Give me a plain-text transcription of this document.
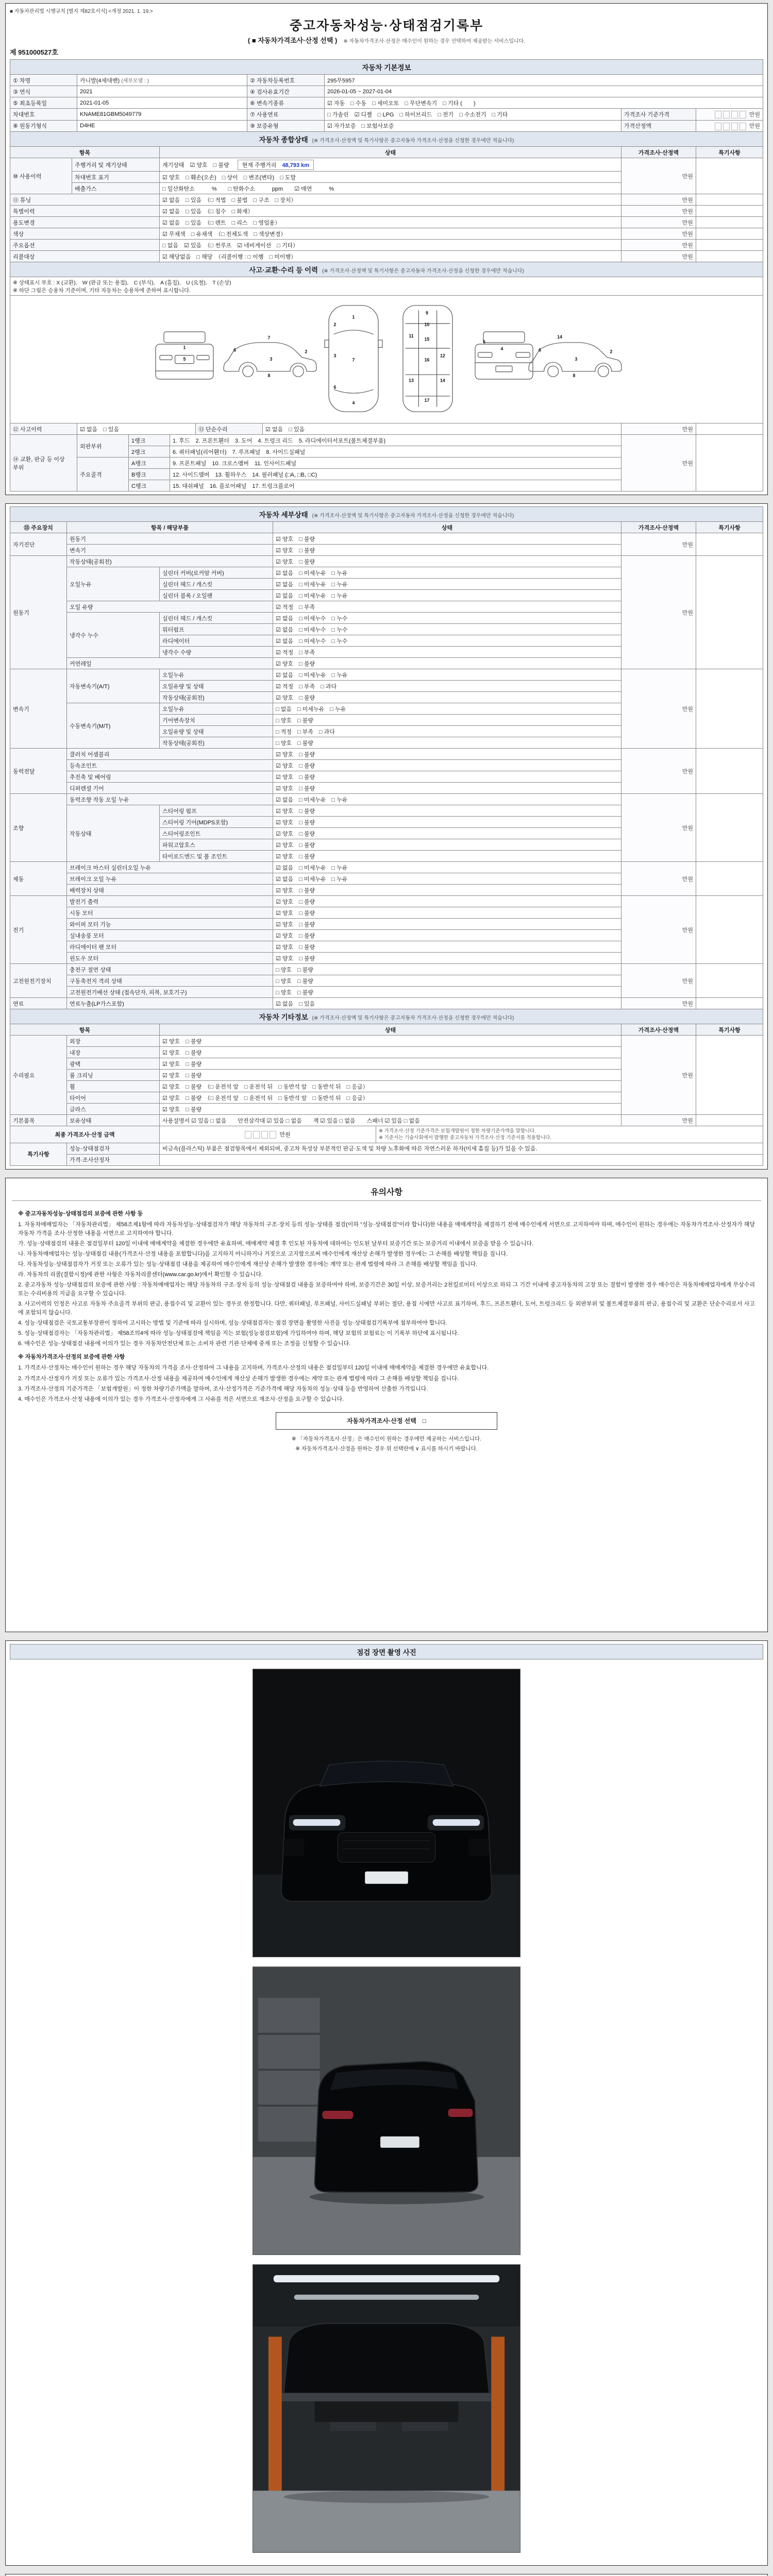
■ 자동차관리법 시행규칙 [별지 제82호서식] <개정 2021. 1. 19.>
중고자동차성능·상태점검기록부
( ■ 자동차가격조사·산정 선택 ) ※ 자동차가격조사·산정은 매수인이 원하는 경우 선택하여 제공받는 서비스입니다.
제 951000527호
자동차 기본정보					
① 차명	카니발(4세대밴) (세부모델 : )	② 자동차등록번호	295무5957		
③ 연식	2021	④ 검사유효기간	2026-01-05 ~ 2027-01-04		
⑤ 최초등록일	2021-01-05	⑥ 변속기종류	☑ 자동　□ 수동　□ 세미오토　□ 무단변속기　□ 기타 (　　)		
차대번호	KNAME81GBM5049779	⑦ 사용연료	□ 가솔린　☑ 디젤　□ LPG　□ 하이브리드　□ 전기　□ 수소전기　□ 기타	가격조사 기준가격	만원
⑧ 원동기형식	D4HE	⑨ 보증유형	☑ 자가보증　□ 보험사보증	가격산정액	만원
자동차 종합상태 (※ 가격조사·산정액 및 특기사항은 중고자동차 가격조사·산정을 신청한 경우에만 적습니다)				
항목		상태	가격조사·산정액	특기사항
⑩ 사용이력	주행거리 및 계기상태	계기상태　☑ 양호　□ 불량 현재 주행거리　 48,793 km	만원	
	차대번호 표기	☑ 양호　□ 훼손(오손)　□ 상이　□ 변조(변타)　□ 도말		
	배출가스	□ 일산화탄소　　　%　　□ 탄화수소　　　ppm　　☑ 매연　　　%		
⑪ 튜닝		☑ 없음　□ 있음　（□ 적법　□ 불법　□ 구조　□ 장치）	만원	
특별이력		☑ 없음　□ 있음　（□ 침수　□ 화재）	만원	
용도변경		☑ 없음　□ 있음　（□ 렌트　□ 리스　□ 영업용）	만원	
색상		☑ 무채색　□ 유채색　（□ 전체도색　□ 색상변경）	만원	
주요옵션		□ 없음　☑ 있음　（□ 썬루프　☑ 네비게이션　□ 기타）	만원	
리콜대상		☑ 해당없음　□ 해당　（리콜이행 : □ 이행　□ 미이행）	만원	
사고·교환·수리 등 이력 (※ 가격조사·산정액 및 특기사항은 중고자동차 가격조사·산정을 신청한 경우에만 적습니다)

※ 상태표시 부호 : X (교환),　W (판금 또는 용접),　C (부식),　A (흠집),　U (요철),　T (손상)
※ 하단 그림은 승용차 기준이며, 기타 자동차는 승용차에 준하여 표시합니다.

1
5
7
3
2
6
8
1
2
3
6
7
4
9
10
11
15
12
16
13	14
17
4
6
2
3
6
8
14

⑫ 사고이력	☑ 없음　□ 있음	⑬ 단순수리	☑ 없음　□ 있음	만원	
⑭ 교환, 판금 등 이상 부위	외판부위	1랭크	1. 후드　2. 프론트휀더　3. 도어　4. 트렁크 리드　5. 라디에이터서포트(볼트체결부품)	만원	
		2랭크	6. 쿼터패널(리어휀더)　7. 루프패널　8. 사이드실패널		
	주요골격	A랭크	9. 프론트패널　10. 크로스멤버　11. 인사이드패널		
		B랭크	12. 사이드멤버　13. 휠하우스　14. 필러패널 (□A, □B, □C)		
		C랭크	15. 대쉬패널　16. 플로어패널　17. 트렁크플로어		
자동차 세부상태 (※ 가격조사·산정액 및 특기사항은 중고자동차 가격조사·산정을 신청한 경우에만 적습니다)					
⑮ 주요장치	항목 / 해당부품		상태	가격조사·산정액	특기사항
자기진단	원동기		☑ 양호　□ 불량	만원	
	변속기		☑ 양호　□ 불량		
원동기	작동상태(공회전)		☑ 양호　□ 불량	만원	
	오일누유	실린더 커버(로커암 커버)	☑ 없음　□ 미세누유　□ 누유		
		실린더 헤드 / 개스킷	☑ 없음　□ 미세누유　□ 누유		
		실린더 블록 / 오일팬	☑ 없음　□ 미세누유　□ 누유		
	오일 유량		☑ 적정　□ 부족		
	냉각수 누수	실린더 헤드 / 개스킷	☑ 없음　□ 미세누수　□ 누수		
		워터펌프	☑ 없음　□ 미세누수　□ 누수		
		라디에이터	☑ 없음　□ 미세누수　□ 누수		
		냉각수 수량	☑ 적정　□ 부족		
	커먼레일		☑ 양호　□ 불량		
변속기	자동변속기(A/T)	오일누유	☑ 없음　□ 미세누유　□ 누유	만원	
		오일유량 및 상태	☑ 적정　□ 부족　□ 과다		
		작동상태(공회전)	☑ 양호　□ 불량		
	수동변속기(M/T)	오일누유	□ 없음　□ 미세누유　□ 누유		
		기어변속장치	□ 양호　□ 불량		
		오일유량 및 상태	□ 적정　□ 부족　□ 과다		
		작동상태(공회전)	□ 양호　□ 불량		
동력전달	클러치 어셈블리		☑ 양호　□ 불량	만원	
	등속조인트		☑ 양호　□ 불량		
	추진축 및 베어링		☑ 양호　□ 불량		
	디퍼렌셜 기어		☑ 양호　□ 불량		
조향	동력조향 작동 오일 누유		☑ 없음　□ 미세누유　□ 누유	만원	
	작동상태	스티어링 펌프	☑ 양호　□ 불량		
		스티어링 기어(MDPS포함)	☑ 양호　□ 불량		
		스티어링조인트	☑ 양호　□ 불량		
		파워고압호스	☑ 양호　□ 불량		
		타이로드엔드 및 볼 조인트	☑ 양호　□ 불량		
제동	브레이크 마스터 실린더오일 누유		☑ 없음　□ 미세누유　□ 누유	만원	
	브레이크 오일 누유		☑ 없음　□ 미세누유　□ 누유		
	배력장치 상태		☑ 양호　□ 불량		
전기	발전기 출력		☑ 양호　□ 불량	만원	
	시동 모터		☑ 양호　□ 불량		
	와이퍼 모터 기능		☑ 양호　□ 불량		
	실내송풍 모터		☑ 양호　□ 불량		
	라디에이터 팬 모터		☑ 양호　□ 불량		
	윈도우 모터		☑ 양호　□ 불량		
고전원전기장치	충전구 절연 상태		□ 양호　□ 불량	만원	
	구동축전지 격리 상태		□ 양호　□ 불량		
	고전원전기배선 상태 (접속단자, 피복, 보호기구)		□ 양호　□ 불량		
연료	연료누출(LP가스포함)		☑ 없음　□ 있음	만원	
자동차 기타정보 (※ 가격조사·산정액 및 특기사항은 중고자동차 가격조사·산정을 신청한 경우에만 적습니다)				
항목		상태	가격조사·산정액	특기사항
수리필요	외장	☑ 양호　□ 불량	만원	
	내장	☑ 양호　□ 불량		
	광택	☑ 양호　□ 불량		
	룸 크리닝	☑ 양호　□ 불량		
	휠	☑ 양호　□ 불량　（□ 운전석 앞　□ 운전석 뒤　□ 동반석 앞　□ 동반석 뒤　□ 응급）		
	타이어	☑ 양호　□ 불량　（□ 운전석 앞　□ 운전석 뒤　□ 동반석 앞　□ 동반석 뒤　□ 응급）		
	글라스	☑ 양호　□ 불량		
기본품목	보유상태	사용설명서 ☑ 있음 □ 없음　　안전삼각대 ☑ 있음 □ 없음　　잭 ☑ 있음 □ 없음　　스패너 ☑ 있음 □ 없음	만원	
최종 가격조사·산정 금액	만원	
※ 가격조사·산정 기준가격은 보험개발원이 정한 차량기준가액을 말합니다.
※ 기준서는 기술사회에서 발행한 중고자동차 가격조사·산정 기준서를 적용합니다.
특기사항	성능·상태점검자	비금속(플라스틱) 부품은 점검항목에서 제외되며, 중고차 특성상 부분적인 판금·도색 및 차량 노후화에 따른 자연스러운 하자(미세 흠집 등)가 있을 수 있음.
	가격·조사산정자	
유의사항
※ 중고자동차성능·상태점검의 보증에 관한 사항 등

1. 자동차매매업자는 「자동차관리법」 제58조제1항에 따라 자동차성능·상태점검자가 해당 자동차의 구조·장치 등의 성능·상태를 점검(이하 "성능·상태점검"이라 합니다)한 내용을 매매계약을 체결하기 전에 매수인에게 서면으로 고지하여야 하며, 매수인이 원하는 경우에는 자동차가격조사·산정자가 해당 자동차 가격을 조사·산정한 내용을 서면으로 고지하여야 합니다.

가. 성능·상태점검의 내용은 점검일부터 120일 이내에 매매계약을 체결한 경우에만 유효하며, 매매계약 체결 후 인도된 자동차에 대하여는 인도된 날부터 보증기간 또는 보증거리 이내에서 보증을 받을 수 있습니다.

나. 자동차매매업자는 성능·상태점검 내용(가격조사·산정 내용을 포함합니다)을 고지하지 아니하거나 거짓으로 고지함으로써 매수인에게 재산상 손해가 발생한 경우에는 그 손해를 배상할 책임을 집니다.

다. 자동차성능·상태점검자가 거짓 또는 오류가 있는 성능·상태점검 내용을 제공하여 매수인에게 재산상 손해가 발생한 경우에는 계약 또는 관계 법령에 따라 그 손해를 배상할 책임을 집니다.

라. 자동차의 리콜(결함시정)에 관한 사항은 자동차리콜센터(www.car.go.kr)에서 확인할 수 있습니다.

2. 중고자동차 성능·상태점검의 보증에 관한 사항 : 자동차매매업자는 해당 자동차의 구조·장치 등의 성능·상태점검 내용을 보증하여야 하며, 보증기간은 30일 이상, 보증거리는 2천킬로미터 이상으로 하되 그 기간 이내에 중고자동차의 고장 또는 결함이 발생한 경우 매수인은 자동차매매업자에게 무상수리 또는 수리비용의 지급을 요구할 수 있습니다.

3. 사고이력의 인정은 사고로 자동차 주요골격 부위의 판금, 용접수리 및 교환이 있는 경우로 한정합니다. 다만, 쿼터패널, 루프패널, 사이드실패널 부위는 절단, 용접 시에만 사고로 표기하며, 후드, 프론트휀더, 도어, 트렁크리드 등 외판부위 및 볼트체결부품의 판금, 용접수리 및 교환은 단순수리로서 사고에 포함되지 않습니다.

4. 성능·상태점검은 국토교통부장관이 정하여 고시하는 방법 및 기준에 따라 실시하며, 성능·상태점검자는 점검 장면을 촬영한 사진을 성능·상태점검기록부에 첨부하여야 합니다.

5. 성능·상태점검자는 「자동차관리법」 제58조의4에 따라 성능·상태점검에 책임을 지는 보험(성능점검보험)에 가입하여야 하며, 해당 보험의 보험료는 이 기록부 하단에 표시됩니다.

6. 매수인은 성능·상태점검 내용에 이의가 있는 경우 자동차안전단체 또는 소비자 관련 기관·단체에 중재 또는 조정을 신청할 수 있습니다.

※ 자동차가격조사·산정의 보증에 관한 사항

1. 가격조사·산정자는 매수인이 원하는 경우 해당 자동차의 가격을 조사·산정하여 그 내용을 고지하며, 가격조사·산정의 내용은 점검일부터 120일 이내에 매매계약을 체결한 경우에만 유효합니다.

2. 가격조사·산정자가 거짓 또는 오류가 있는 가격조사·산정 내용을 제공하여 매수인에게 재산상 손해가 발생한 경우에는 계약 또는 관계 법령에 따라 그 손해를 배상할 책임을 집니다.

3. 가격조사·산정의 기준가격은 「보험개발원」이 정한 차량기준가액을 말하며, 조사·산정가격은 기준가격에 해당 자동차의 성능·상태 등을 반영하여 산출한 가격입니다.

4. 매수인은 가격조사·산정 내용에 이의가 있는 경우 가격조사·산정자에게 그 사유를 적은 서면으로 재조사·산정을 요구할 수 있습니다.

자동차가격조사·산정 선택　 □

※ 「자동차가격조사·산정」은 매수인이 원하는 경우에만 제공하는 서비스입니다.

※ 자동차가격조사·산정을 원하는 경우 위 선택란에 ∨ 표시를 하시기 바랍니다.

점검 장면 촬영 사진
